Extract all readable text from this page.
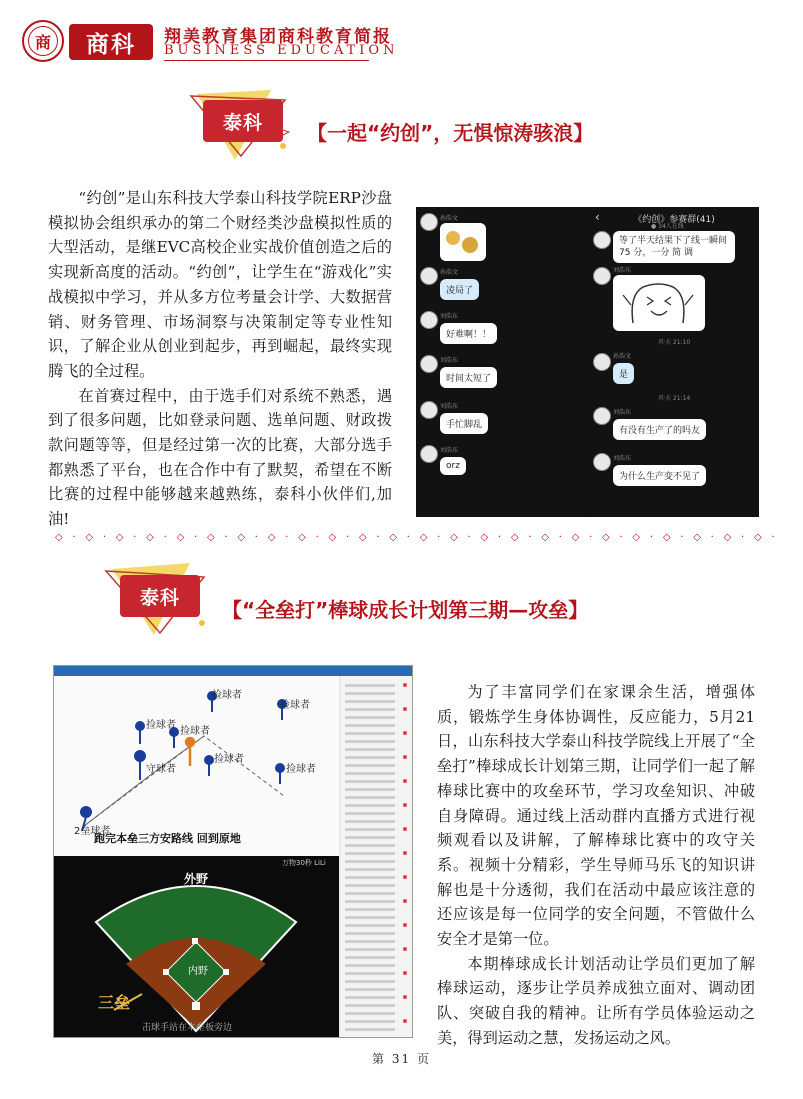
商	商科	翔美教育集团商科教育简报
BUSINESS EDUCATION
泰科	【一起“约创”，无惧惊涛骇浪】

“约创”是山东科技大学泰山科技学院ERP沙盘模拟协会组织承办的第二个财经类沙盘模拟性质的大型活动，是继EVC高校企业实战价值创造之后的实现新高度的活动。“约创”，让学生在“游戏化”实战模拟中学习，并从多方位考量会计学、大数据营销、财务管理、市场洞察与决策制定等专业性知识，了解企业从创业到起步，再到崛起，最终实现腾飞的全过程。

在首赛过程中，由于选手们对系统不熟悉，遇到了很多问题，比如登录问题、选单问题、财政拨款问题等等，但是经过第一次的比赛，大部分选手都熟悉了平台，也在合作中有了默契，希望在不断比赛的过程中能够越来越熟练，泰科小伙伴们,加油!

孙浩文
孙浩文
凌局了
刘浩东
好难啊！！
刘浩东
时间太短了
刘浩东
手忙脚乱
刘浩东
orz
‹	《约创》参赛群(41)
● 34人在线
等了半天结果下了线一瞬间 75 分，一分 简 调
刘浩东
昨天 21:10
孙浩文
是
昨天 21:14
刘浩东
有没有生产了的吗友
刘浩东
为什么生产变不见了
◇ · ◇ · ◇ · ◇ · ◇ · ◇ · ◇ · ◇ · ◇ · ◇ · ◇ · ◇ · ◇ · ◇ · ◇ · ◇ · ◇ · ◇ · ◇ · ◇ · ◇ · ◇ · ◇ · ◇ ·
泰科
【“全垒打”棒球成长计划第三期—攻垒】
捡球者
捡球者
捡球者
捡球者
捡球者
捡球者
2垒球者
守球者
跑完本垒三方安路线 回到原地
外野
内野
三垒
击球手站在本垒板旁边
万物30秒 LiLi

为了丰富同学们在家课余生活，增强体质，锻炼学生身体协调性，反应能力，5月21日，山东科技大学泰山科技学院线上开展了“全垒打”棒球成长计划第三期，让同学们一起了解棒球比赛中的攻垒环节，学习攻垒知识、冲破自身障碍。通过线上活动群内直播方式进行视频观看以及讲解，了解棒球比赛中的攻守关系。视频十分精彩，学生导师马乐飞的知识讲解也是十分透彻，我们在活动中最应该注意的还应该是每一位同学的安全问题，不管做什么安全才是第一位。

本期棒球成长计划活动让学员们更加了解棒球运动，逐步让学员养成独立面对、调动团队、突破自我的精神。让所有学员体验运动之美，得到运动之慧，发扬运动之风。

第 31 页
